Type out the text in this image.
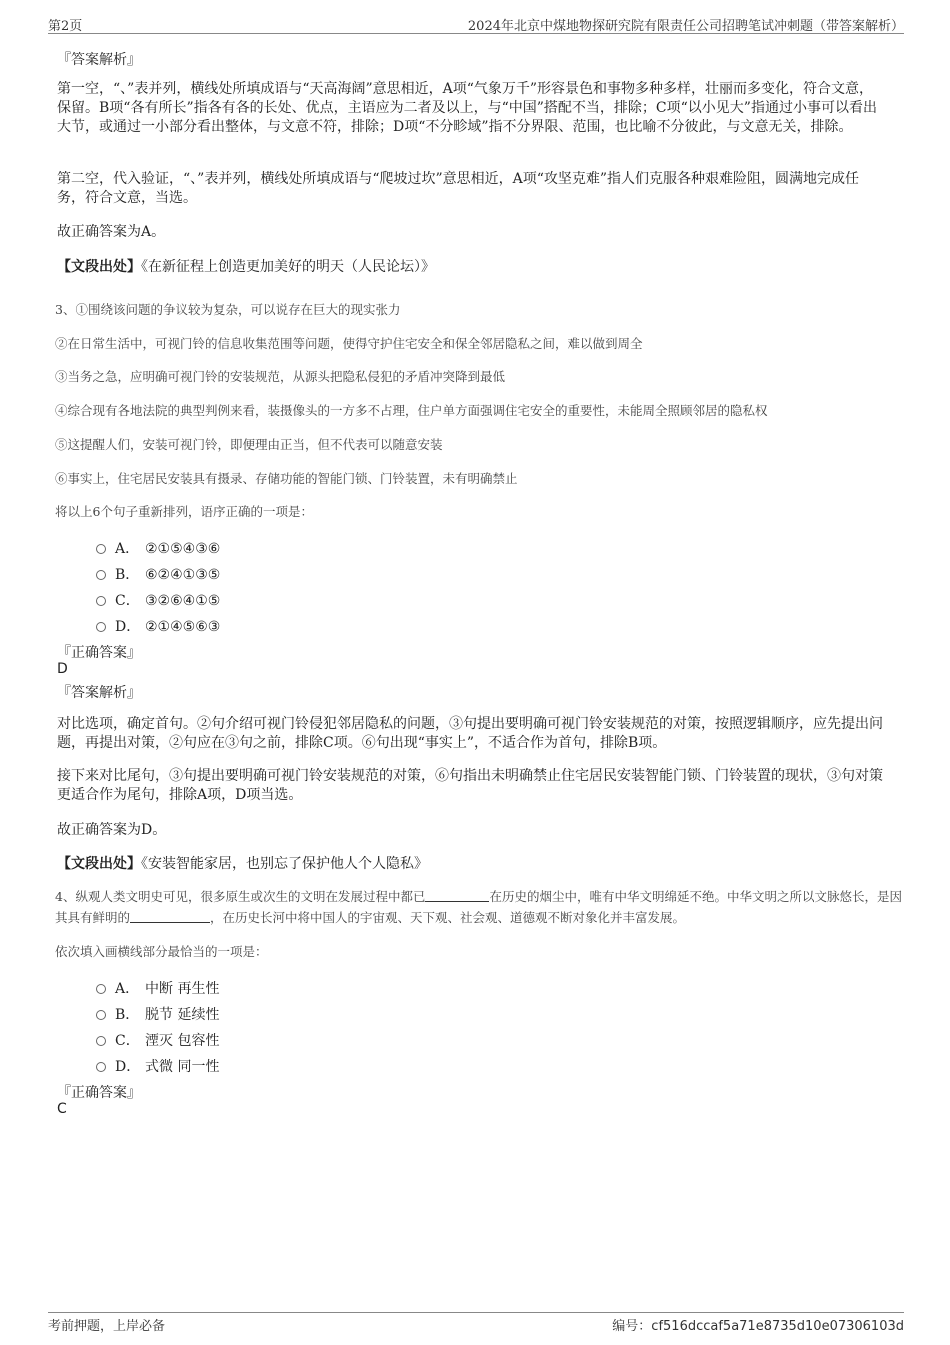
第2页	2024年北京中煤地物探研究院有限责任公司招聘笔试冲刺题（带答案解析）
『答案解析』
第一空，“、”表并列，横线处所填成语与“天高海阔”意思相近，A项“气象万千”形容景色和事物多种多样，壮丽而多变化，符合文意，保留。B项“各有所长”指各有各的长处、优点，主语应为二者及以上，与“中国”搭配不当，排除；C项“以小见大”指通过小事可以看出大节，或通过一小部分看出整体，与文意不符，排除；D项“不分畛域”指不分界限、范围，也比喻不分彼此，与文意无关，排除。
第二空，代入验证，“、”表并列，横线处所填成语与“爬坡过坎”意思相近，A项“攻坚克难”指人们克服各种艰难险阻，圆满地完成任务，符合文意，当选。
故正确答案为A。
【文段出处】《在新征程上创造更加美好的明天（人民论坛）》
3、①围绕该问题的争议较为复杂，可以说存在巨大的现实张力
②在日常生活中，可视门铃的信息收集范围等问题，使得守护住宅安全和保全邻居隐私之间，难以做到周全
③当务之急，应明确可视门铃的安装规范，从源头把隐私侵犯的矛盾冲突降到最低
④综合现有各地法院的典型判例来看，装摄像头的一方多不占理，住户单方面强调住宅安全的重要性，未能周全照顾邻居的隐私权
⑤这提醒人们，安装可视门铃，即便理由正当，但不代表可以随意安装
⑥事实上，住宅居民安装具有摄录、存储功能的智能门锁、门铃装置，未有明确禁止
将以上6个句子重新排列，语序正确的一项是：
A． ②①⑤④③⑥
B． ⑥②④①③⑤
C． ③②⑥④①⑤
D． ②①④⑤⑥③
『正确答案』
D
『答案解析』
对比选项，确定首句。②句介绍可视门铃侵犯邻居隐私的问题，③句提出要明确可视门铃安装规范的对策，按照逻辑顺序，应先提出问题，再提出对策，②句应在③句之前，排除C项。⑥句出现“事实上”，不适合作为首句，排除B项。
接下来对比尾句，③句提出要明确可视门铃安装规范的对策，⑥句指出未明确禁止住宅居民安装智能门锁、门铃装置的现状，③句对策更适合作为尾句，排除A项，D项当选。
故正确答案为D。
【文段出处】《安装智能家居，也别忘了保护他人个人隐私》
4、纵观人类文明史可见，很多原生或次生的文明在发展过程中都已	在历史的烟尘中，唯有中华文明绵延不绝。中华文明之所以文脉悠长，是因其具有鲜明的	，在历史长河中将中国人的宇宙观、天下观、社会观、道德观不断对象化并丰富发展。
依次填入画横线部分最恰当的一项是：
A． 中断 再生性
B． 脱节 延续性
C． 湮灭 包容性
D． 式微 同一性
『正确答案』
C
考前押题，上岸必备	编号：cf516dccaf5a71e8735d10e07306103d
